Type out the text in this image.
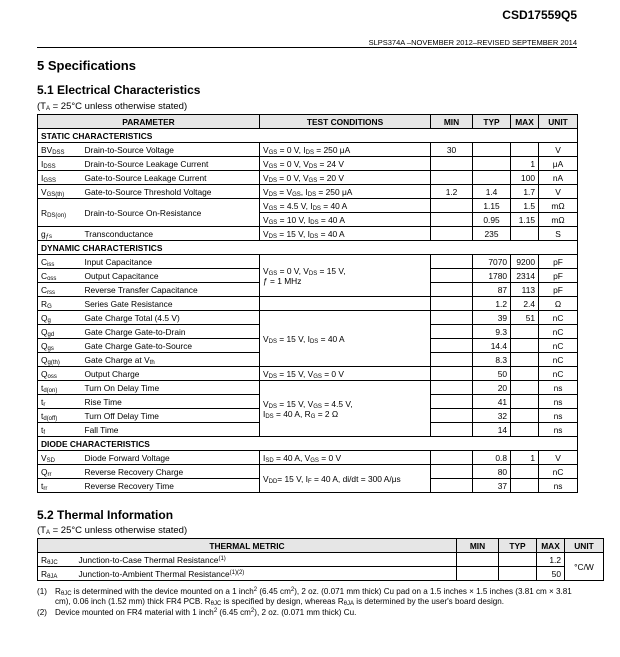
CSD17559Q5
SLPS374A –NOVEMBER 2012–REVISED SEPTEMBER 2014
5 Specifications
5.1 Electrical Characteristics
($T_A = 25^\circ C$ unless otherwise stated)
PARAMETER		TEST CONDITIONS	MIN	TYP	MAX	UNIT
STATIC CHARACTERISTICS						
$BV_{DSS}$	Drain-to-Source Voltage	$V_{GS} = 0$ V, $I_{DS} = 250$ μA	30			V
$I_{DSS}$	Drain-to-Source Leakage Current	$V_{GS} = 0$ V, $V_{DS} = 24$ V			1	μA
$I_{GSS}$	Gate-to-Source Leakage Current	$V_{DS} = 0$ V, $V_{GS} = 20$ V			100	nA
$V_{GS(th)}$	Gate-to-Source Threshold Voltage	$V_{DS} = V_{GS}$, $I_{DS} = 250$ μA	1.2	1.4	1.7	V
$R_{DS(on)}$	Drain-to-Source On-Resistance	$V_{GS} = 4.5$ V, $I_{DS} = 40$ A		1.15	1.5	mΩ
		$V_{GS} = 10$ V, $I_{DS} = 40$ A		0.95	1.15	mΩ
$g_{ƒs}$	Transconductance	$V_{DS} = 15$ V, $I_{DS} = 40$ A		235		S
DYNAMIC CHARACTERISTICS						
$C_{iss}$	Input Capacitance	$V_{GS} = 0$ V, $V_{DS} = 15$ V,
ƒ = 1 MHz		7070	9200	pF
$C_{oss}$	Output Capacitance			1780	2314	pF
$C_{rss}$	Reverse Transfer Capacitance			87	113	pF
$R_G$	Series Gate Resistance			1.2	2.4	Ω
$Q_g$	Gate Charge Total (4.5 V)	$V_{DS} = 15$ V, $I_{DS} = 40$ A		39	51	nC
$Q_{gd}$	Gate Charge Gate-to-Drain			9.3		nC
$Q_{gs}$	Gate Charge Gate-to-Source			14.4		nC
$Q_{g(th)}$	Gate Charge at $V_{th}$			8.3		nC
$Q_{oss}$	Output Charge	$V_{DS} = 15$ V, $V_{GS} = 0$ V		50		nC
$t_{d(on)}$	Turn On Delay Time	$V_{DS} = 15$ V, $V_{GS} = 4.5$ V,
$I_{DS} = 40$ A, $R_G = 2$ Ω		20		ns
$t_r$	Rise Time			41		ns
$t_{d(off)}$	Turn Off Delay Time			32		ns
$t_f$	Fall Time			14		ns
DIODE CHARACTERISTICS						
$V_{SD}$	Diode Forward Voltage	$I_{SD} = 40$ A, $V_{GS} = 0$ V		0.8	1	V
$Q_{rr}$	Reverse Recovery Charge	$V_{DD}= 15$ V, $I_F = 40$ A, di/dt = 300 A/μs		80		nC
$t_{rr}$	Reverse Recovery Time			37		ns
5.2 Thermal Information
($T_A = 25^\circ C$ unless otherwise stated)
THERMAL METRIC		MIN	TYP	MAX	UNIT
$R_{\theta JC}$	Junction-to-Case Thermal Resistance$^{(1)}$			1.2	°C/W
$R_{\theta JA}$	Junction-to-Ambient Thermal Resistance$^{(1)(2)}$			50	
(1) $R_{\theta JC}$ is determined with the device mounted on a 1 inch$^2$ (6.45 $cm^2$), 2 oz. (0.071 mm thick) Cu pad on a 1.5 inches × 1.5 inches (3.81 cm × 3.81 cm), 0.06 inch (1.52 mm) thick FR4 PCB. $R_{\theta JC}$ is specified by design, whereas $R_{\theta JA}$ is determined by the user's board design.
(2) Device mounted on FR4 material with 1 inch$^2$ (6.45 $cm^2$), 2 oz. (0.071 mm thick) Cu.
